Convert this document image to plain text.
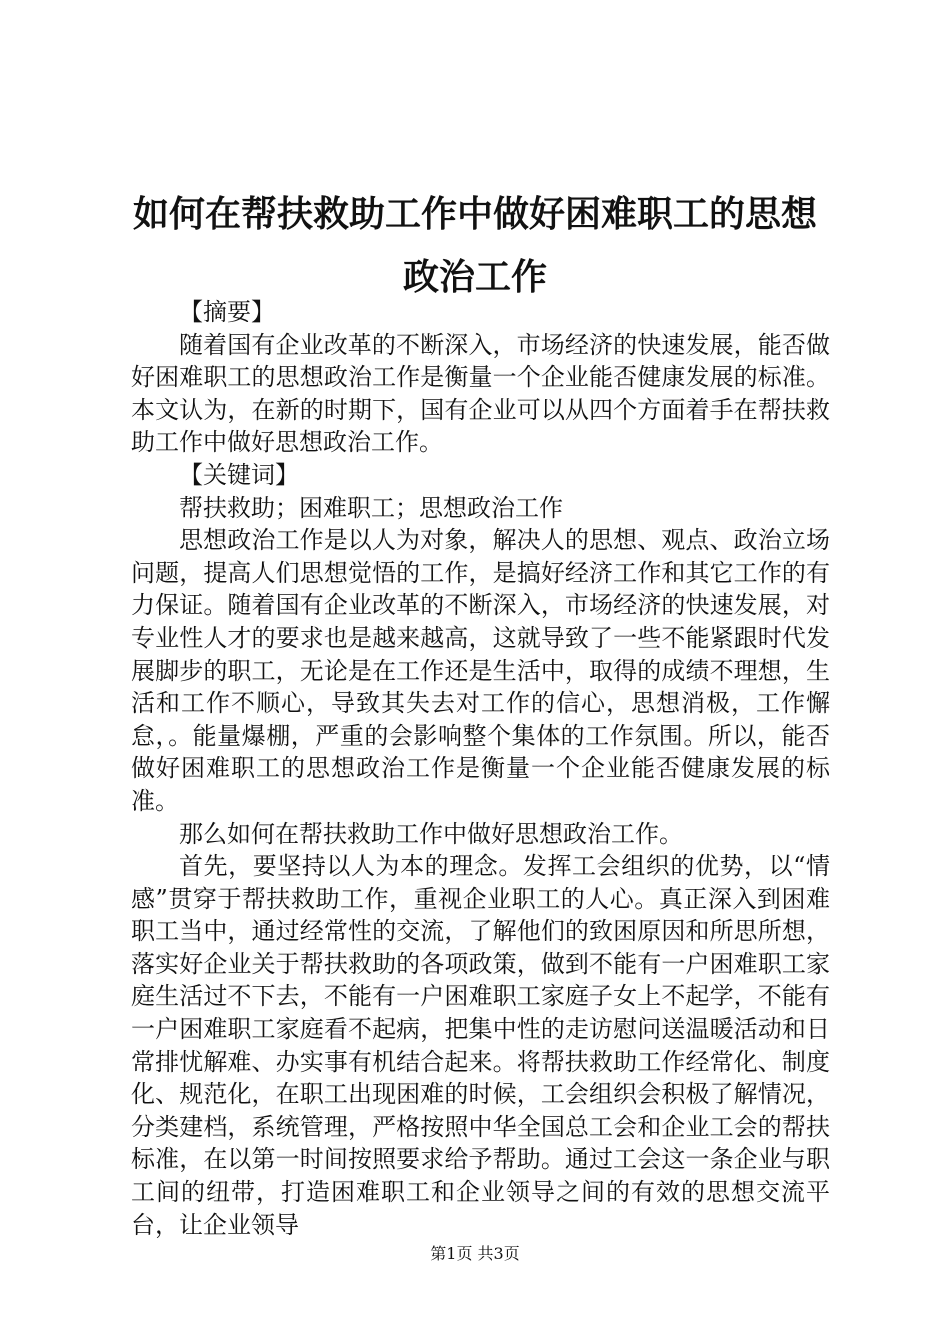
如何在帮扶救助工作中做好困难职工的思想政治工作

【摘要】

随着国有企业改革的不断深入，市场经济的快速发展，能否做好困难职工的思想政治工作是衡量一个企业能否健康发展的标准。本文认为，在新的时期下，国有企业可以从四个方面着手在帮扶救助工作中做好思想政治工作。

【关键词】

帮扶救助；困难职工；思想政治工作

思想政治工作是以人为对象，解决人的思想、观点、政治立场问题，提高人们思想觉悟的工作，是搞好经济工作和其它工作的有力保证。随着国有企业改革的不断深入，市场经济的快速发展，对专业性人才的要求也是越来越高，这就导致了一些不能紧跟时代发展脚步的职工，无论是在工作还是生活中，取得的成绩不理想，生活和工作不顺心，导致其失去对工作的信心，思想消极，工作懈怠，。能量爆棚，严重的会影响整个集体的工作氛围。所以，能否做好困难职工的思想政治工作是衡量一个企业能否健康发展的标准。

那么如何在帮扶救助工作中做好思想政治工作。

首先，要坚持以人为本的理念。发挥工会组织的优势，以“情感”贯穿于帮扶救助工作，重视企业职工的人心。真正深入到困难职工当中，通过经常性的交流，了解他们的致困原因和所思所想，落实好企业关于帮扶救助的各项政策，做到不能有一户困难职工家庭生活过不下去，不能有一户困难职工家庭子女上不起学，不能有一户困难职工家庭看不起病，把集中性的走访慰问送温暖活动和日常排忧解难、办实事有机结合起来。将帮扶救助工作经常化、制度化、规范化，在职工出现困难的时候，工会组织会积极了解情况，分类建档，系统管理，严格按照中华全国总工会和企业工会的帮扶标准，在以第一时间按照要求给予帮助。通过工会这一条企业与职工间的纽带，打造困难职工和企业领导之间的有效的思想交流平台，让企业领导

第1页 共3页
